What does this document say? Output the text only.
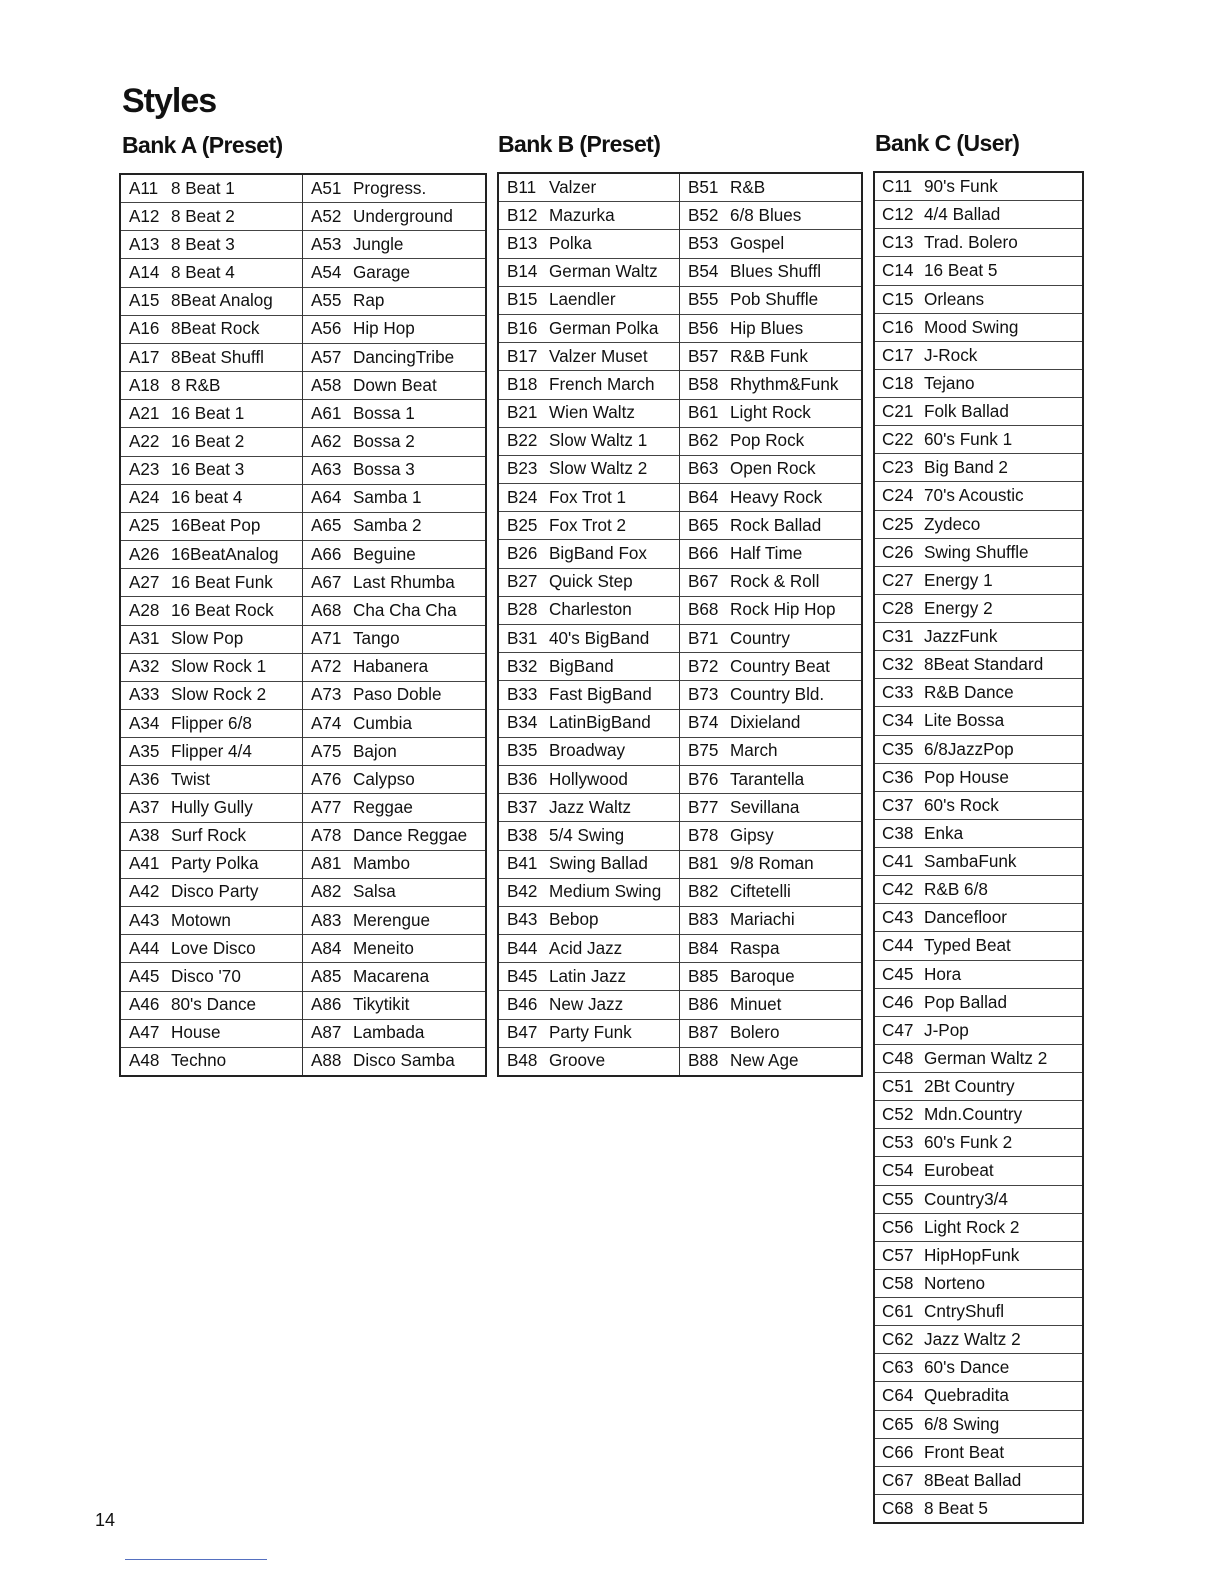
Styles
Bank A (Preset)	Bank B (Preset)	Bank C (User)
A11 8 Beat 1
A12 8 Beat 2
A13 8 Beat 3
A14 8 Beat 4
A15 8Beat Analog
A16 8Beat Rock
A17 8Beat Shuffl
A18 8 R&B
A21 16 Beat 1
A22 16 Beat 2
A23 16 Beat 3
A24 16 beat 4
A25 16Beat Pop
A26 16BeatAnalog
A27 16 Beat Funk
A28 16 Beat Rock
A31 Slow Pop
A32 Slow Rock 1
A33 Slow Rock 2
A34 Flipper 6/8
A35 Flipper 4/4
A36 Twist
A37 Hully Gully
A38 Surf Rock
A41 Party Polka
A42 Disco Party
A43 Motown
A44 Love Disco
A45 Disco '70
A46 80's Dance
A47 House
A48 Techno
A51 Progress.
A52 Underground
A53 Jungle
A54 Garage
A55 Rap
A56 Hip Hop
A57 DancingTribe
A58 Down Beat
A61 Bossa 1
A62 Bossa 2
A63 Bossa 3
A64 Samba 1
A65 Samba 2
A66 Beguine
A67 Last Rhumba
A68 Cha Cha Cha
A71 Tango
A72 Habanera
A73 Paso Doble
A74 Cumbia
A75 Bajon
A76 Calypso
A77 Reggae
A78 Dance Reggae
A81 Mambo
A82 Salsa
A83 Merengue
A84 Meneito
A85 Macarena
A86 Tikytikit
A87 Lambada
A88 Disco Samba
B11 Valzer
B12 Mazurka
B13 Polka
B14 German Waltz
B15 Laendler
B16 German Polka
B17 Valzer Muset
B18 French March
B21 Wien Waltz
B22 Slow Waltz 1
B23 Slow Waltz 2
B24 Fox Trot 1
B25 Fox Trot 2
B26 BigBand Fox
B27 Quick Step
B28 Charleston
B31 40's BigBand
B32 BigBand
B33 Fast BigBand
B34 LatinBigBand
B35 Broadway
B36 Hollywood
B37 Jazz Waltz
B38 5/4 Swing
B41 Swing Ballad
B42 Medium Swing
B43 Bebop
B44 Acid Jazz
B45 Latin Jazz
B46 New Jazz
B47 Party Funk
B48 Groove
B51 R&B
B52 6/8 Blues
B53 Gospel
B54 Blues Shuffl
B55 Pob Shuffle
B56 Hip Blues
B57 R&B Funk
B58 Rhythm&Funk
B61 Light Rock
B62 Pop Rock
B63 Open Rock
B64 Heavy Rock
B65 Rock Ballad
B66 Half Time
B67 Rock & Roll
B68 Rock Hip Hop
B71 Country
B72 Country Beat
B73 Country Bld.
B74 Dixieland
B75 March
B76 Tarantella
B77 Sevillana
B78 Gipsy
B81 9/8 Roman
B82 Ciftetelli
B83 Mariachi
B84 Raspa
B85 Baroque
B86 Minuet
B87 Bolero
B88 New Age
C11 90's Funk
C12 4/4 Ballad
C13 Trad. Bolero
C14 16 Beat 5
C15 Orleans
C16 Mood Swing
C17 J-Rock
C18 Tejano
C21 Folk Ballad
C22 60's Funk 1
C23 Big Band 2
C24 70's Acoustic
C25 Zydeco
C26 Swing Shuffle
C27 Energy 1
C28 Energy 2
C31 JazzFunk
C32 8Beat Standard
C33 R&B Dance
C34 Lite Bossa
C35 6/8JazzPop
C36 Pop House
C37 60's Rock
C38 Enka
C41 SambaFunk
C42 R&B 6/8
C43 Dancefloor
C44 Typed Beat
C45 Hora
C46 Pop Ballad
C47 J-Pop
C48 German Waltz 2
C51 2Bt Country
C52 Mdn.Country
C53 60's Funk 2
C54 Eurobeat
C55 Country3/4
C56 Light Rock 2
C57 HipHopFunk
C58 Norteno
C61 CntryShufl
C62 Jazz Waltz 2
C63 60's Dance
C64 Quebradita
C65 6/8 Swing
C66 Front Beat
C67 8Beat Ballad
C68 8 Beat 5
14
